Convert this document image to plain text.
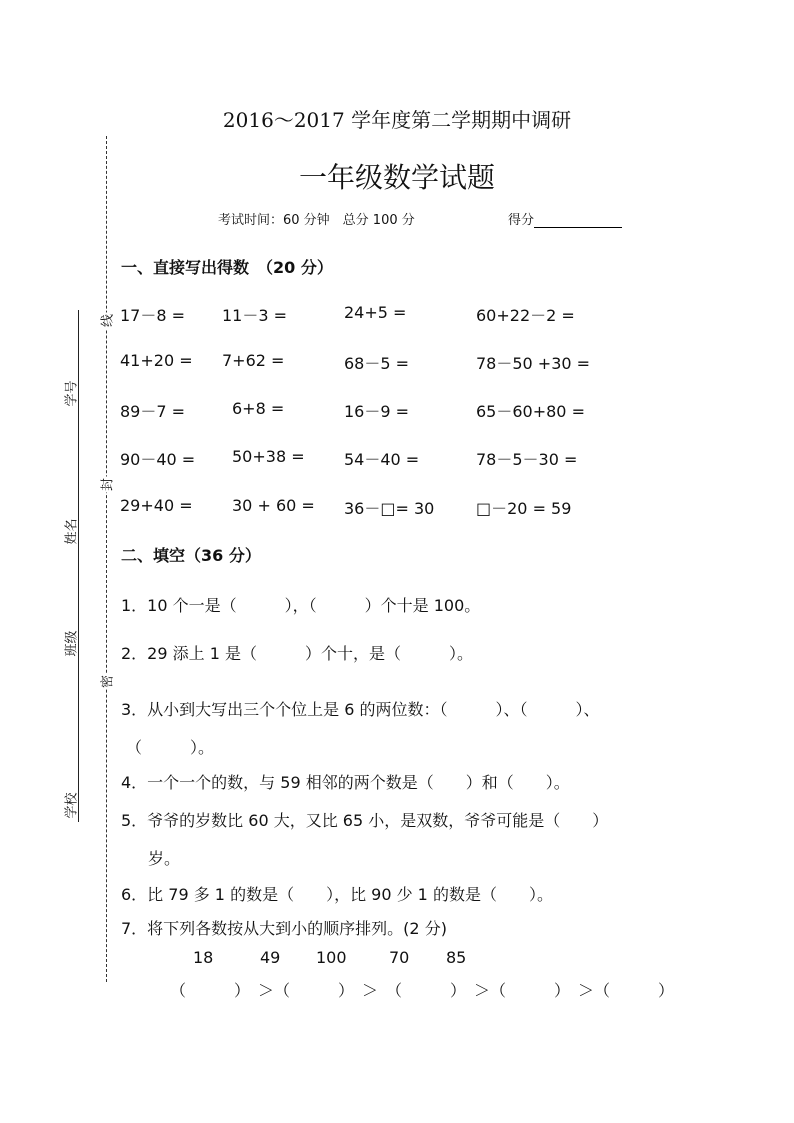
学号
姓名
班级
学校
线
封
密
2016～2017 学年度第二学期期中调研
一年级数学试题
考试时间：60 分钟　总分 100 分	得分
一、直接写出得数　（20 分）
17－8 = 11－3 =	24+5 =	60+22－2 =
41+20 = 7+62 =	68－5 =	78－50 +30 =
89－7 =	6+8 =	16－9 =	65－60+80 =
90－40 = 50+38 = 54－40 =	78－5－30 =
29+40 = 30 + 60 = 36－□= 30	□－20 = 59
二、填空（36 分）
1．10 个一是（　　　），（　　　）个十是 100。
2．29 添上 1 是（　　　）个十，是（　　　）。
3．从小到大写出三个个位上是 6 的两位数：（　　　）、（　　　）、
（　　　）。
4．一个一个的数，与 59 相邻的两个数是（　　）和（　　）。
5．爷爷的岁数比 60 大，又比 65 小，是双数，爷爷可能是（　　）
岁。
6．比 79 多 1 的数是（　　），比 90 少 1 的数是（　　）。
7．将下列各数按从大到小的顺序排列。(2 分)
18	49 100	70 85
（　　　）　＞（　　　）　＞　（　　　）　＞（　　　）　＞（　　　）
